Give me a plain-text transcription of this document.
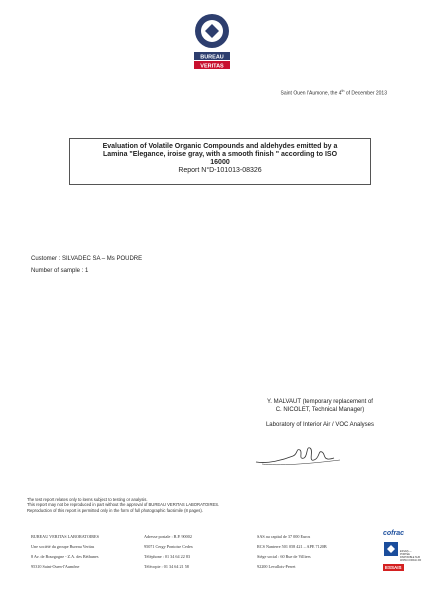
BUREAU
VERITAS
Saint Ouen l'Aumone, the 4th of December 2013
Evaluation of Volatile Organic Compounds and aldehydes emitted by a
Lamina "Elegance, iroise gray, with a smooth finish " according to ISO
16000
Report N°D-101013-08326
Customer : SILVADEC SA – Ms POUDRE
Number of sample : 1
Y. MALVAUT (temporary replacement of
C. NICOLET, Technical Manager)
Laboratory of Interior Air / VOC Analyses
The test report relates only to items subject to testing or analysis.
This report may not be reproduced in part without the approval of BUREAU VERITAS LABORATOIRES.
Reproduction of this report is permitted only in the form of full photographic facsimile (8 pages).
BUREAU VERITAS LABORATOIRES
Une société du groupe Bureau Veritas
8 Av. de Bourgogne - Z.A. des Béthunes
95310 Saint-Ouen-l'Aumône
Adresse postale : B.P. 90002
95071 Cergy Pontoise Cedex
Téléphone : 01 34 64 22 83
Télécopie : 01 34 64 21 58
SAS au capital de 37 000 Euros
RCS Nanterre 501 058 421 – APE 7120B
Siège social : 60 Rue de Villiers
92200 Levallois-Perret
cofrac
ESSAIS — PORTÉE DISPONIBLE SUR WWW.COFRAC.FR
ESSAIS
